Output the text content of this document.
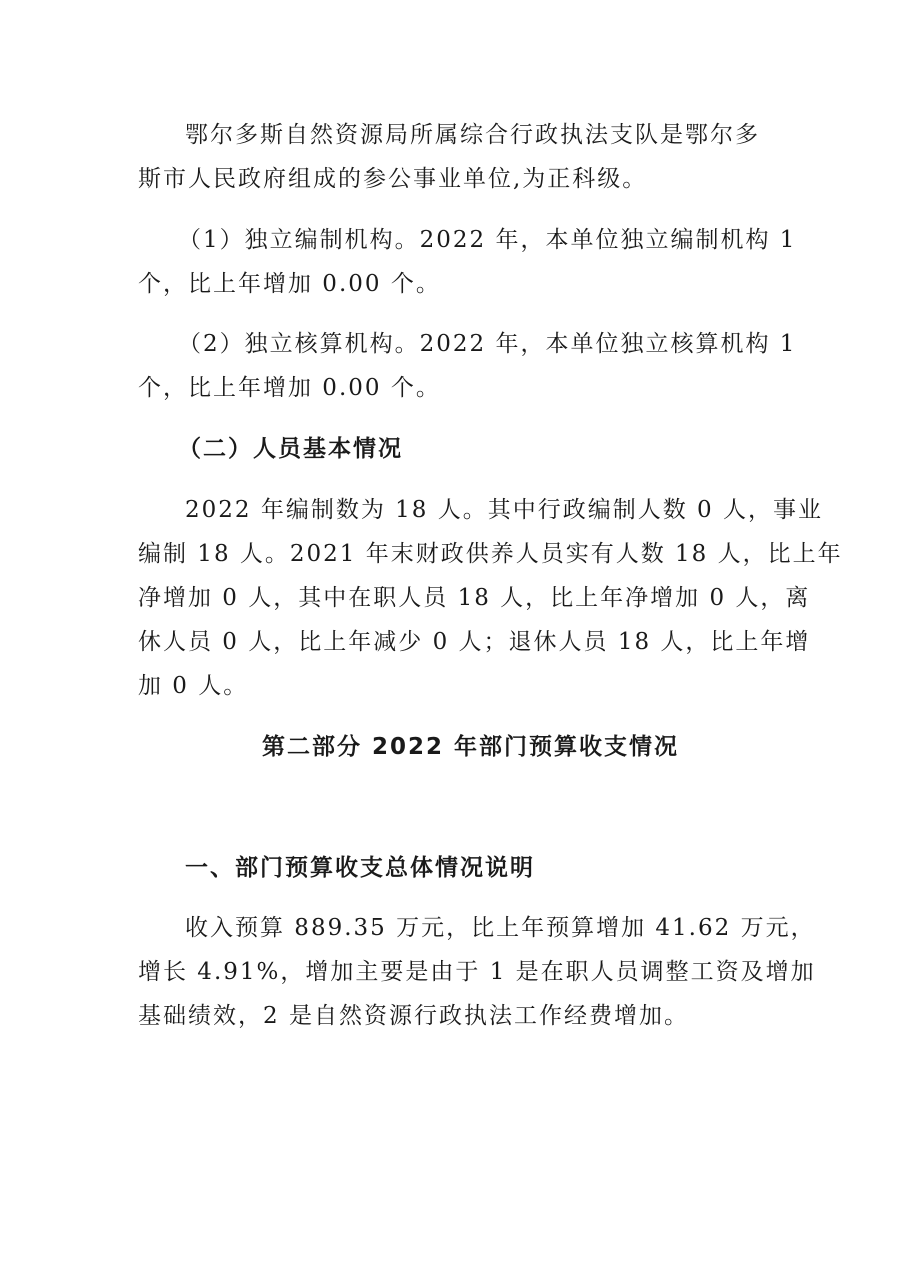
鄂尔多斯自然资源局所属综合行政执法支队是鄂尔多
斯市人民政府组成的参公事业单位,为正科级。
（1）独立编制机构。2022 年，本单位独立编制机构 1
个，比上年增加 0.00 个。
（2）独立核算机构。2022 年，本单位独立核算机构 1
个，比上年增加 0.00 个。
（二）人员基本情况
2022 年编制数为 18 人。其中行政编制人数 0 人，事业
编制 18 人。2021 年末财政供养人员实有人数 18 人，比上年
净增加 0 人，其中在职人员 18 人，比上年净增加 0 人，离
休人员 0 人，比上年减少 0 人；退休人员 18 人，比上年增
加 0 人。
第二部分 2022 年部门预算收支情况
一、部门预算收支总体情况说明
收入预算 889.35 万元，比上年预算增加 41.62 万元，
增长 4.91%，增加主要是由于 1 是在职人员调整工资及增加
基础绩效，2 是自然资源行政执法工作经费增加。
